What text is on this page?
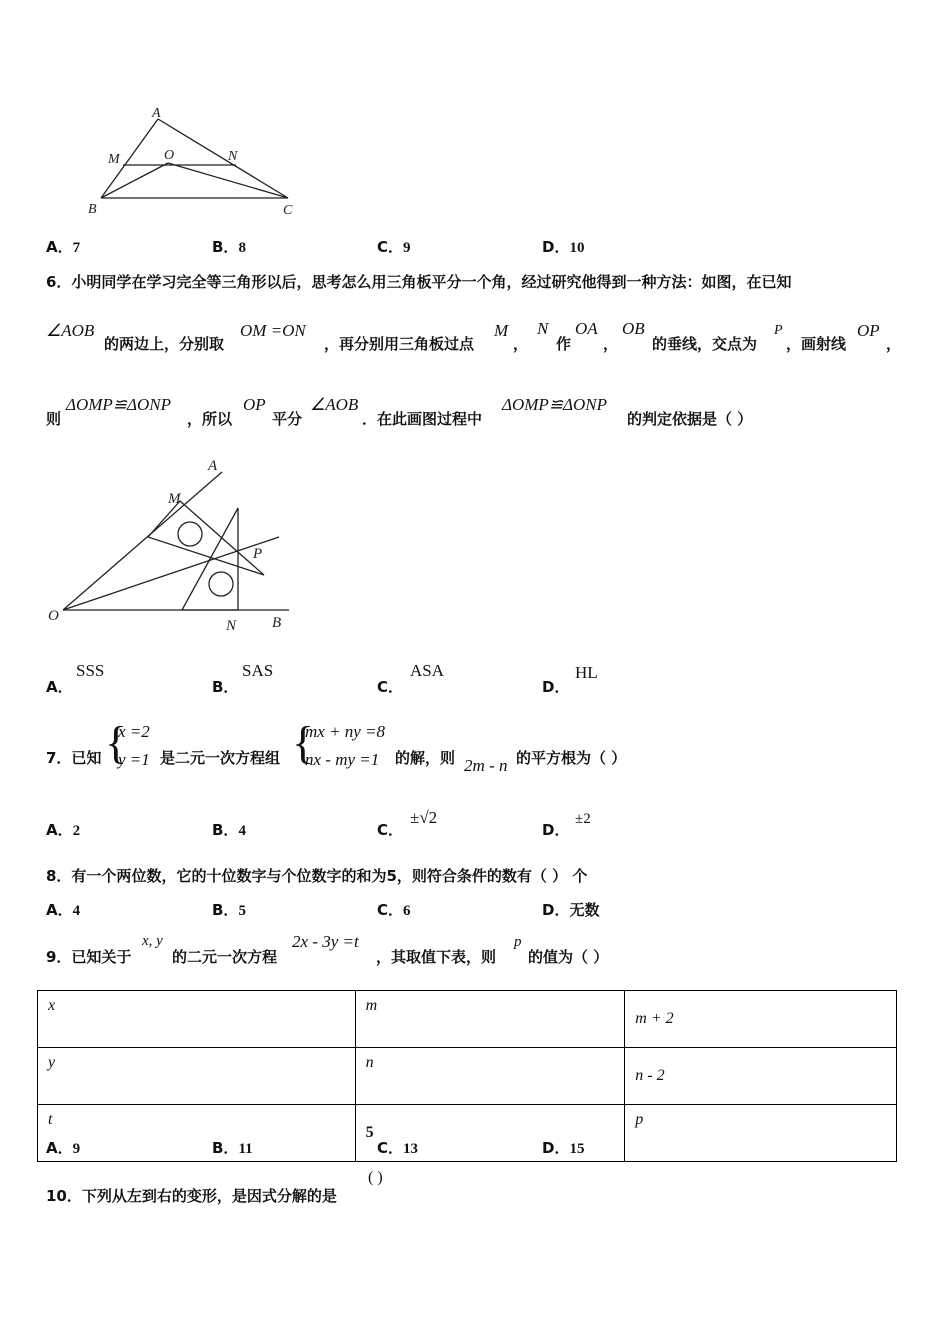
A
M	O	N
B	C
A．7	B．8	C．9	D．10
6．小明同学在学习完全等三角形以后，思考怎么用三角板平分一个角，经过研究他得到一种方法：如图，在已知
∠AOB
的两边上，分别取
OM =ON
，再分别用三角板过点
M
，
N
作
OA
，
OB
的垂线，交点为
P
，画射线
OP
，
则
ΔOMP≌ΔONP
，所以
OP
平分
∠AOB
．在此画图过程中
ΔOMP≌ΔONP
的判定依据是（ ）
A
M
P
O
N B
A．
SSS
B．
SAS
C．
ASA
D．
HL
7．已知 {
x =2
y =1 是二元一次方程组 {
mx + ny =8
nx - my =1 的解，则 2m - n 的平方根为（ ）
A．2	B．4	C．
±√2
D．
±2
8．有一个两位数，它的十位数字与个位数字的和为5，则符合条件的数有（ ） 个
A．4	B．5	C．6	D．无数
9．已知关于
x, y
的二元一次方程
2x - 3y =t
，其取值下表，则
p
的值为（ ）
x	m	m + 2
y	n	n - 2
t	5	p
A．9	B．11	C．13	D．15
10．下列从左到右的变形，是因式分解的是
( )
